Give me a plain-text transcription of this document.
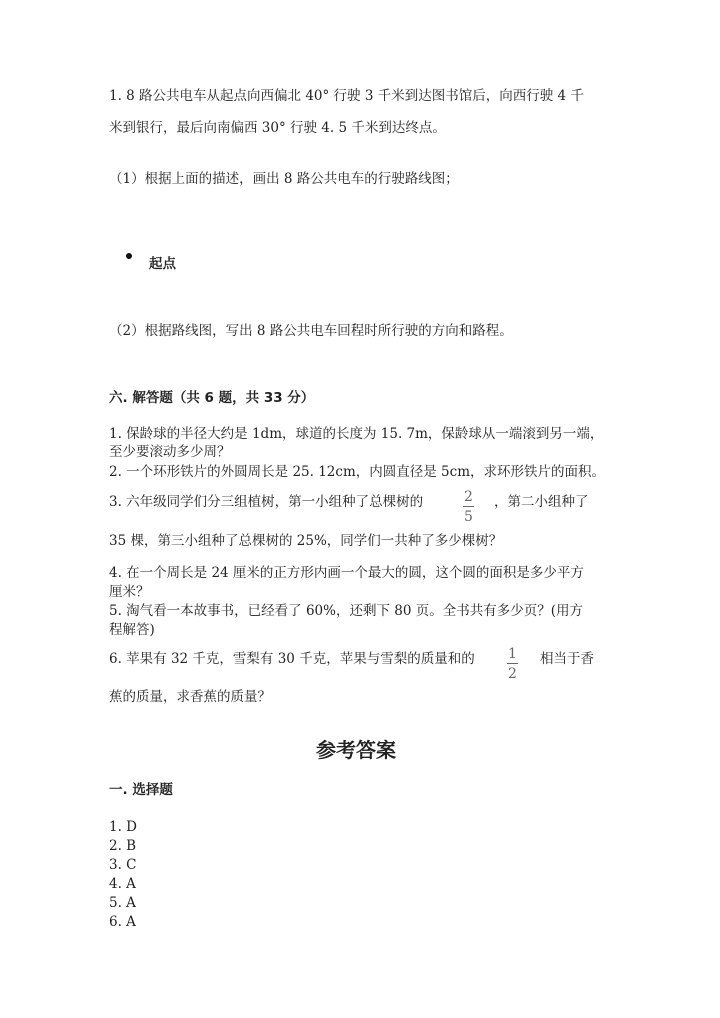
1. 8 路公共电车从起点向西偏北 40° 行驶 3 千米到达图书馆后，向西行驶 4 千
米到银行，最后向南偏西 30° 行驶 4. 5 千米到达终点。
（1）根据上面的描述，画出 8 路公共电车的行驶路线图；
起点
（2）根据路线图，写出 8 路公共电车回程时所行驶的方向和路程。
六. 解答题（共 6 题，共 33 分）
1. 保龄球的半径大约是 1dm，球道的长度为 15. 7m，保龄球从一端滚到另一端，
至少要滚动多少周？
2. 一个环形铁片的外圆周长是 25. 12cm，内圆直径是 5cm，求环形铁片的面积。
3. 六年级同学们分三组植树，第一小组种了总棵树的	2
5
，第二小组种了
35 棵，第三小组种了总棵树的 25%，同学们一共种了多少棵树？
4. 在一个周长是 24 厘米的正方形内画一个最大的圆，这个圆的面积是多少平方
厘米？
5. 淘气看一本故事书，已经看了 60%，还剩下 80 页。全书共有多少页？(用方
程解答)
6. 苹果有 32 千克，雪梨有 30 千克，苹果与雪梨的质量和的 1
2
相当于香
蕉的质量，求香蕉的质量？
参考答案
一. 选择题
1. D
2. B
3. C
4. A
5. A
6. A
